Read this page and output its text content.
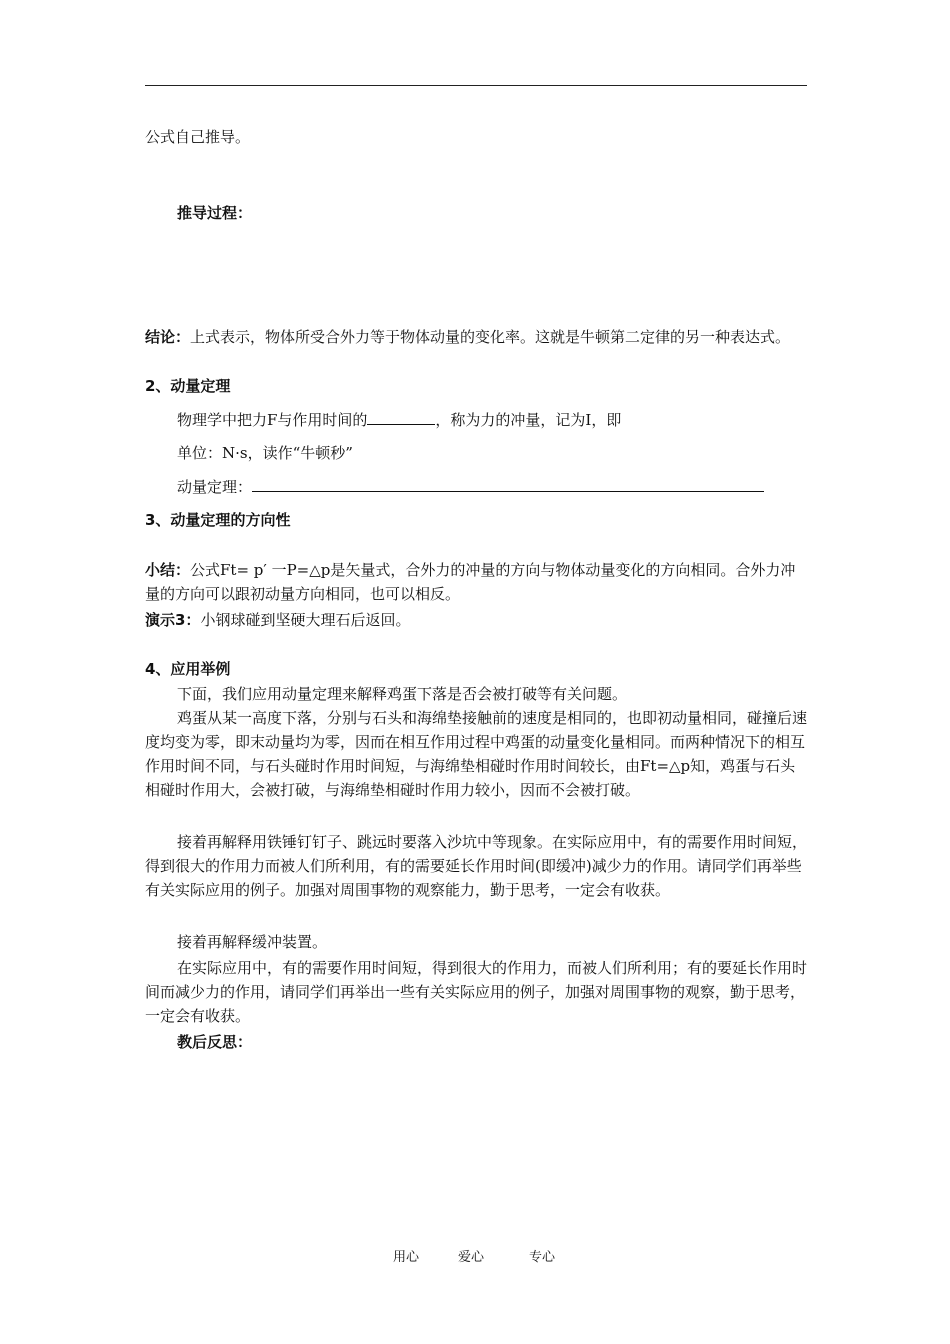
公式自己推导。
推导过程：
结论：上式表示，物体所受合外力等于物体动量的变化率。这就是牛顿第二定律的另一种表达式。
2、动量定理
物理学中把力F与作用时间的	，称为力的冲量，记为I，即
单位：N·s，读作“牛顿秒”
动量定理：
3、动量定理的方向性
小结：公式Ft= p′ 一P=△p是矢量式，合外力的冲量的方向与物体动量变化的方向相同。合外力冲量的方向可以跟初动量方向相同，也可以相反。
演示3：小钢球碰到坚硬大理石后返回。
4、应用举例
下面，我们应用动量定理来解释鸡蛋下落是否会被打破等有关问题。
鸡蛋从某一高度下落，分别与石头和海绵垫接触前的速度是相同的，也即初动量相同，碰撞后速度均变为零，即末动量均为零，因而在相互作用过程中鸡蛋的动量变化量相同。而两种情况下的相互作用时间不同，与石头碰时作用时间短，与海绵垫相碰时作用时间较长，由Ft=△p知，鸡蛋与石头相碰时作用大，会被打破，与海绵垫相碰时作用力较小，因而不会被打破。
接着再解释用铁锤钉钉子、跳远时要落入沙坑中等现象。在实际应用中，有的需要作用时间短，得到很大的作用力而被人们所利用，有的需要延长作用时间(即缓冲)减少力的作用。请同学们再举些有关实际应用的例子。加强对周围事物的观察能力，勤于思考，一定会有收获。
接着再解释缓冲装置。
在实际应用中，有的需要作用时间短，得到很大的作用力，而被人们所利用；有的要延长作用时间而减少力的作用，请同学们再举出一些有关实际应用的例子，加强对周围事物的观察，勤于思考，一定会有收获。
教后反思：
用心	爱心	专心
